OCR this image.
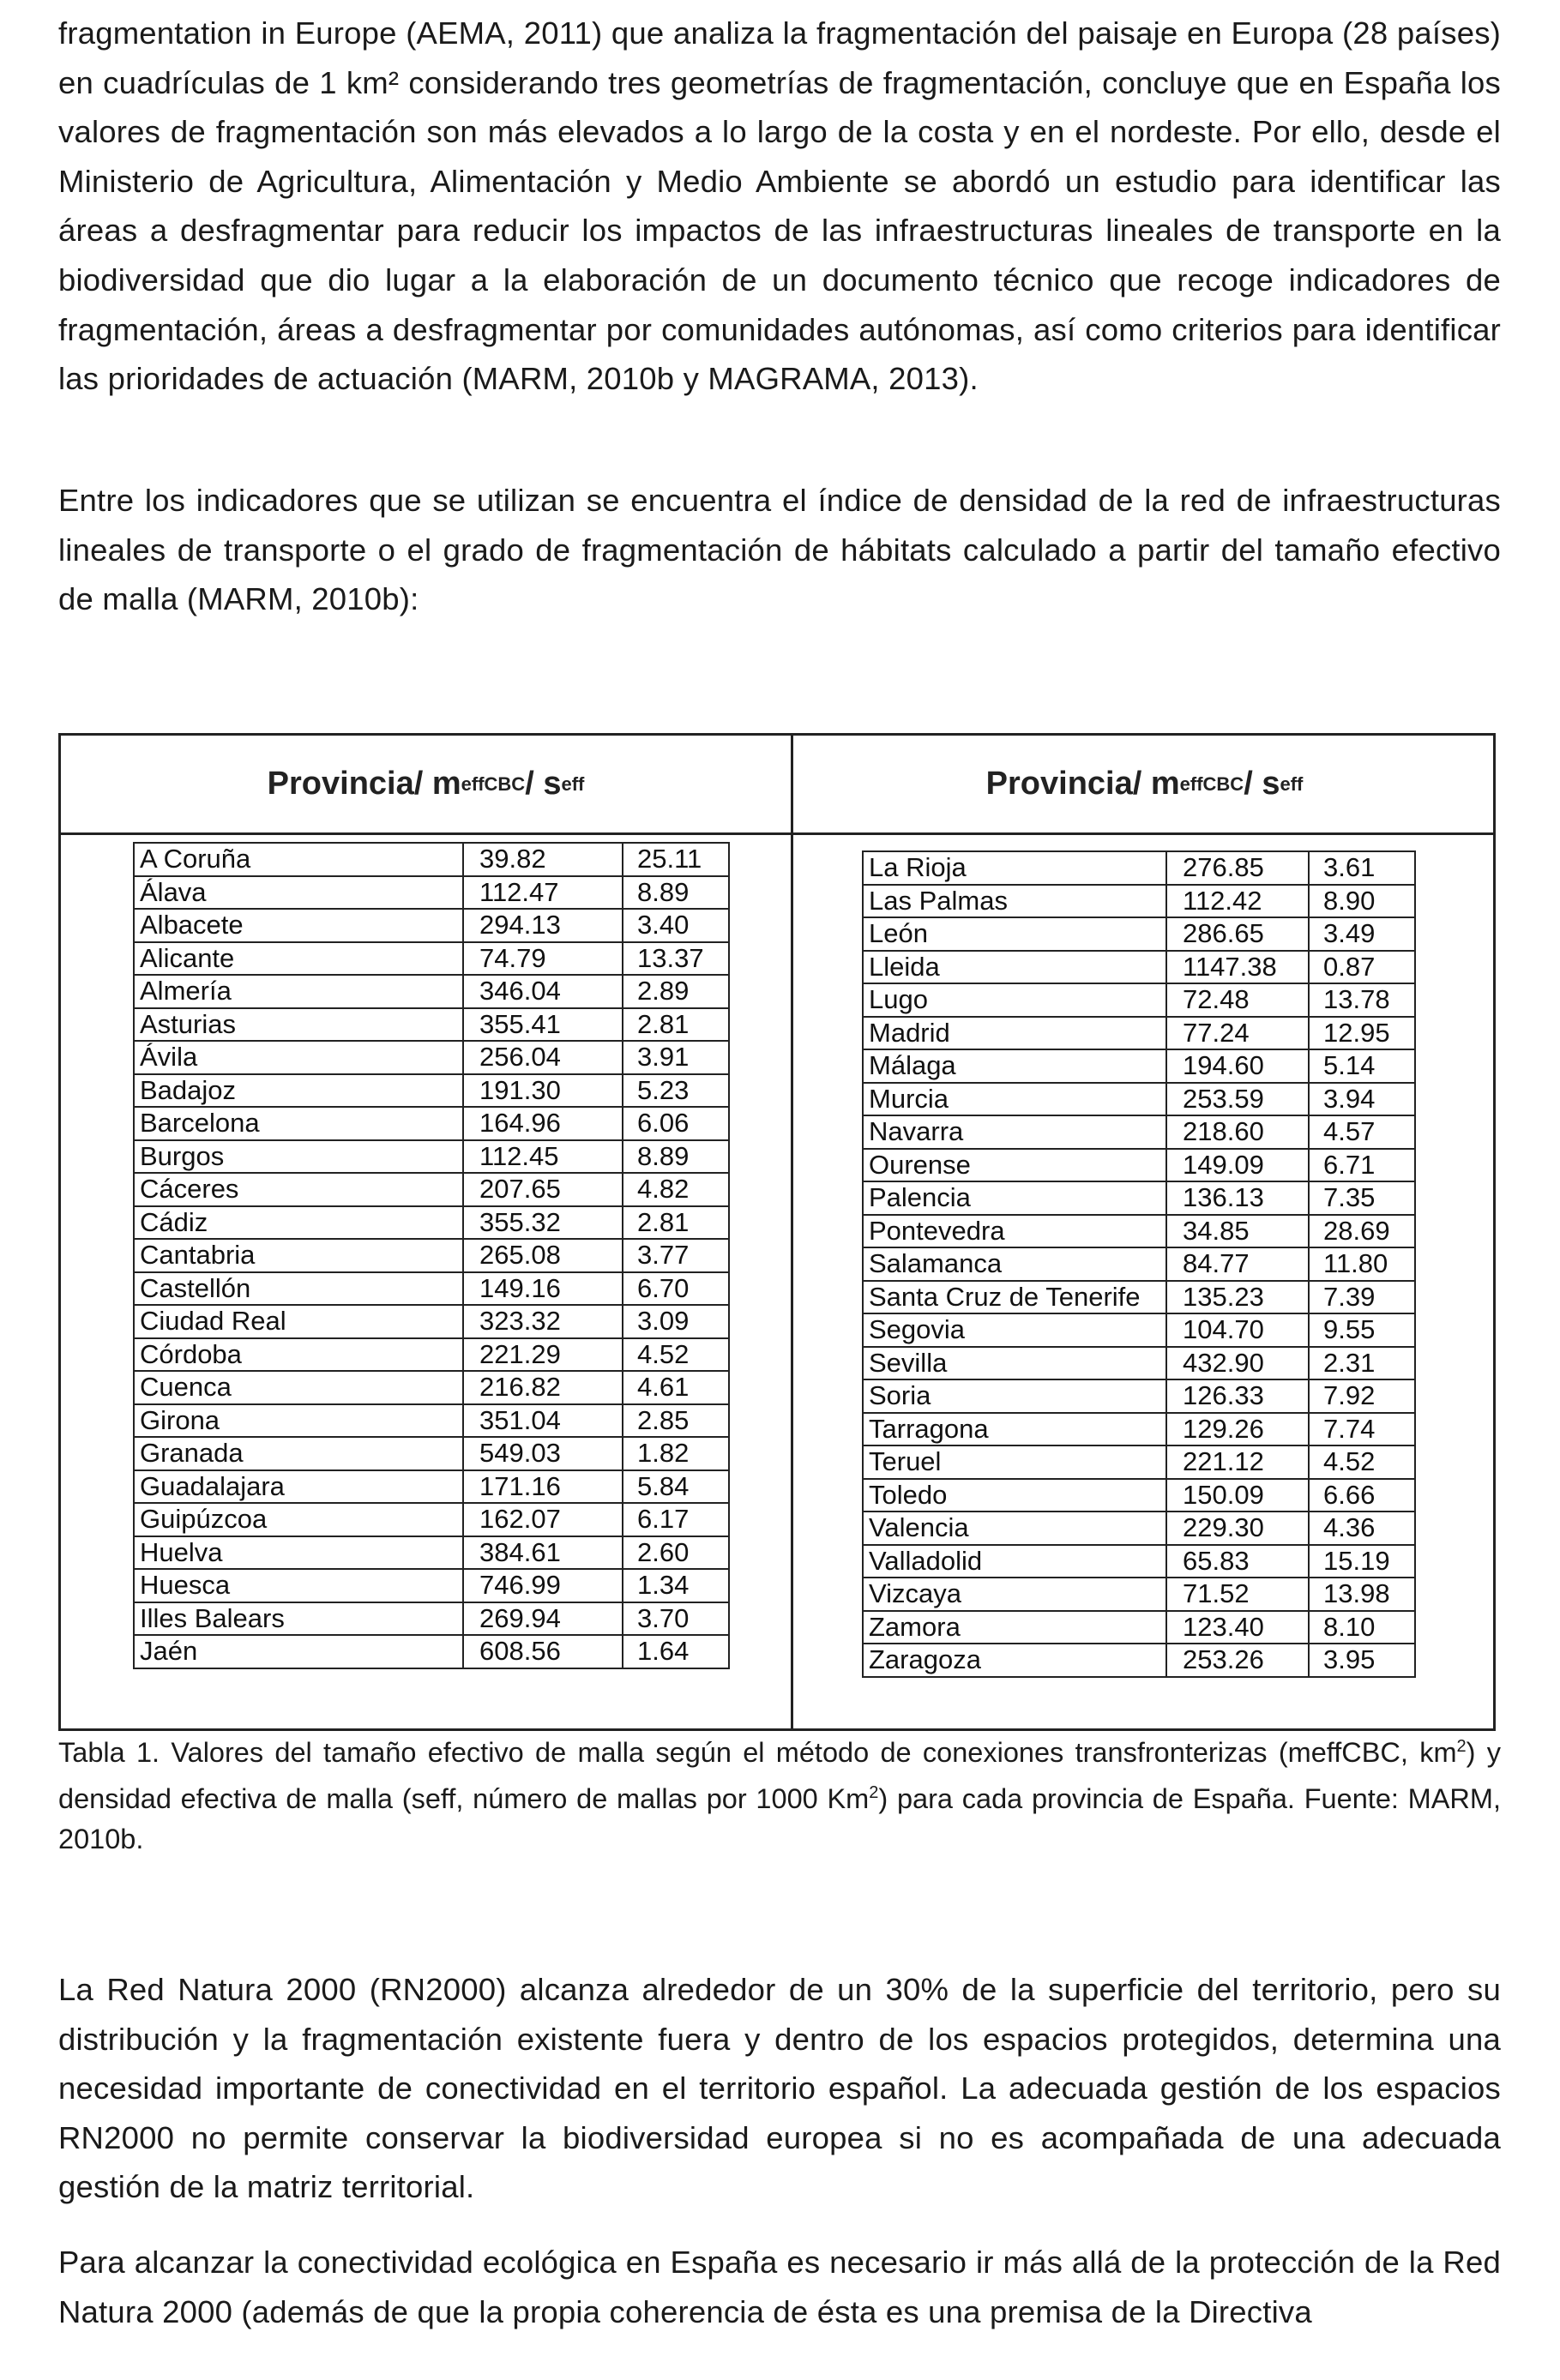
fragmentation in Europe (AEMA, 2011) que analiza la fragmentación del paisaje en Europa (28 países) en cuadrículas de 1 km² considerando tres geometrías de fragmentación, concluye que en España los valores de fragmentación son más elevados a lo largo de la costa y en el nordeste. Por ello, desde el Ministerio de Agricultura, Alimentación y Medio Ambiente se abordó un estudio para identificar las áreas a desfragmentar para reducir los impactos de las infraestructuras lineales de transporte en la biodiversidad que dio lugar a la elaboración de un documento técnico que recoge indicadores de fragmentación, áreas a desfragmentar por comunidades autónomas, así como criterios para identificar las prioridades de actuación (MARM, 2010b y MAGRAMA, 2013).

Entre los indicadores que se utilizan se encuentra el índice de densidad de la red de infraestructuras lineales de transporte o el grado de fragmentación de hábitats calculado a partir del tamaño efectivo de malla (MARM, 2010b):

Provincia/ m eff CBC / s eff	Provincia/ m eff CBC / s eff
A Coruña	39.82	25.11
Álava	112.47	8.89
Albacete	294.13	3.40
Alicante	74.79	13.37
Almería	346.04	2.89
Asturias	355.41	2.81
Ávila	256.04	3.91
Badajoz	191.30	5.23
Barcelona	164.96	6.06
Burgos	112.45	8.89
Cáceres	207.65	4.82
Cádiz	355.32	2.81
Cantabria	265.08	3.77
Castellón	149.16	6.70
Ciudad Real	323.32	3.09
Córdoba	221.29	4.52
Cuenca	216.82	4.61
Girona	351.04	2.85
Granada	549.03	1.82
Guadalajara	171.16	5.84
Guipúzcoa	162.07	6.17
Huelva	384.61	2.60
Huesca	746.99	1.34
Illes Balears	269.94	3.70
Jaén	608.56	1.64
La Rioja	276.85	3.61
Las Palmas	112.42	8.90
León	286.65	3.49
Lleida	1147.38	0.87
Lugo	72.48	13.78
Madrid	77.24	12.95
Málaga	194.60	5.14
Murcia	253.59	3.94
Navarra	218.60	4.57
Ourense	149.09	6.71
Palencia	136.13	7.35
Pontevedra	34.85	28.69
Salamanca	84.77	11.80
Santa Cruz de Tenerife	135.23	7.39
Segovia	104.70	9.55
Sevilla	432.90	2.31
Soria	126.33	7.92
Tarragona	129.26	7.74
Teruel	221.12	4.52
Toledo	150.09	6.66
Valencia	229.30	4.36
Valladolid	65.83	15.19
Vizcaya	71.52	13.98
Zamora	123.40	8.10
Zaragoza	253.26	3.95

Tabla 1. Valores del tamaño efectivo de malla según el método de conexiones transfronterizas (meffCBC, $km^2$) y densidad efectiva de malla (seff, número de mallas por 1000 Km$^2$) para cada provincia de España. Fuente: MARM, 2010b.

La Red Natura 2000 (RN2000) alcanza alrededor de un 30% de la superficie del territorio, pero su distribución y la fragmentación existente fuera y dentro de los espacios protegidos, determina una necesidad importante de conectividad en el territorio español. La adecuada gestión de los espacios RN2000 no permite conservar la biodiversidad europea si no es acompañada de una adecuada gestión de la matriz territorial.

Para alcanzar la conectividad ecológica en España es necesario ir más allá de la protección de la Red Natura 2000 (además de que la propia coherencia de ésta es una premisa de la Directiva
